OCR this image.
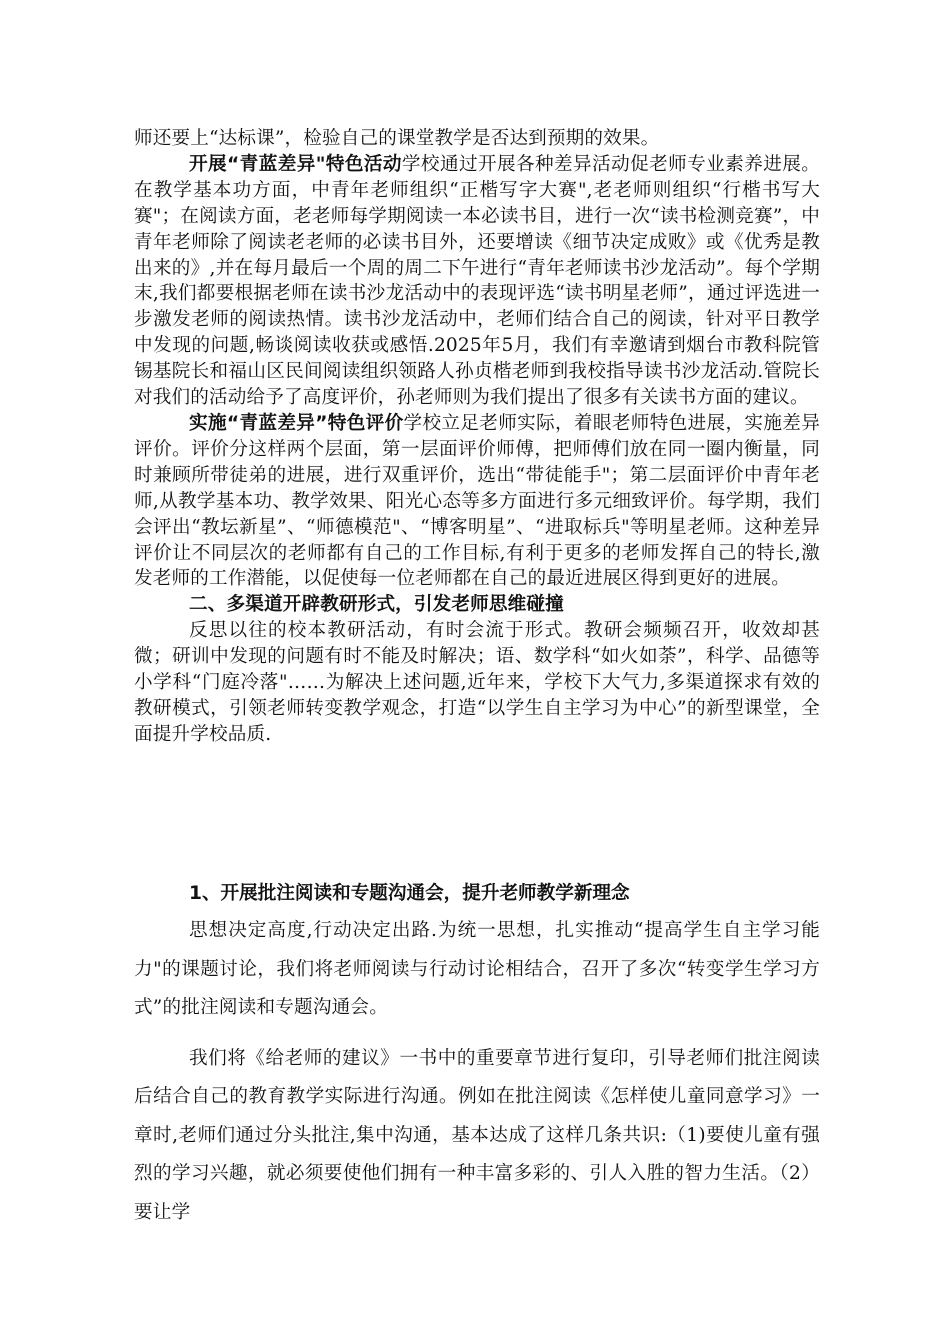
师还要上“达标课”，检验自己的课堂教学是否达到预期的效果。

开展“青蓝差异"特色活动学校通过开展各种差异活动促老师专业素养进展。在教学基本功方面，中青年老师组织“正楷写字大赛",老老师则组织“行楷书写大赛"；在阅读方面，老老师每学期阅读一本必读书目，进行一次“读书检测竞赛”，中青年老师除了阅读老老师的必读书目外，还要增读《细节决定成败》或《优秀是教出来的》,并在每月最后一个周的周二下午进行“青年老师读书沙龙活动”。每个学期末,我们都要根据老师在读书沙龙活动中的表现评选“读书明星老师”，通过评选进一步激发老师的阅读热情。读书沙龙活动中，老师们结合自己的阅读，针对平日教学中发现的问题,畅谈阅读收获或感悟.2025年5月，我们有幸邀请到烟台市教科院管锡基院长和福山区民间阅读组织领路人孙贞楷老师到我校指导读书沙龙活动.管院长对我们的活动给予了高度评价，孙老师则为我们提出了很多有关读书方面的建议。

实施“青蓝差异”特色评价学校立足老师实际，着眼老师特色进展，实施差异评价。评价分这样两个层面，第一层面评价师傅，把师傅们放在同一圈内衡量，同时兼顾所带徒弟的进展，进行双重评价，选出“带徒能手"；第二层面评价中青年老师,从教学基本功、教学效果、阳光心态等多方面进行多元细致评价。每学期，我们会评出“教坛新星”、“师德模范"、“博客明星”、“进取标兵"等明星老师。这种差异评价让不同层次的老师都有自己的工作目标,有利于更多的老师发挥自己的特长,激发老师的工作潜能，以促使每一位老师都在自己的最近进展区得到更好的进展。

二、多渠道开辟教研形式，引发老师思维碰撞

反思以往的校本教研活动，有时会流于形式。教研会频频召开，收效却甚微；研训中发现的问题有时不能及时解决；语、数学科“如火如荼”，科学、品德等小学科“门庭冷落"……为解决上述问题,近年来，学校下大气力,多渠道探求有效的教研模式，引领老师转变教学观念，打造“以学生自主学习为中心”的新型课堂，全面提升学校品质.

1、开展批注阅读和专题沟通会，提升老师教学新理念

思想决定高度,行动决定出路.为统一思想，扎实推动“提高学生自主学习能力"的课题讨论，我们将老师阅读与行动讨论相结合，召开了多次“转变学生学习方式”的批注阅读和专题沟通会。

我们将《给老师的建议》一书中的重要章节进行复印，引导老师们批注阅读后结合自己的教育教学实际进行沟通。例如在批注阅读《怎样使儿童同意学习》一章时,老师们通过分头批注,集中沟通，基本达成了这样几条共识:（1)要使儿童有强烈的学习兴趣，就必须要使他们拥有一种丰富多彩的、引人入胜的智力生活。（2）要让学
